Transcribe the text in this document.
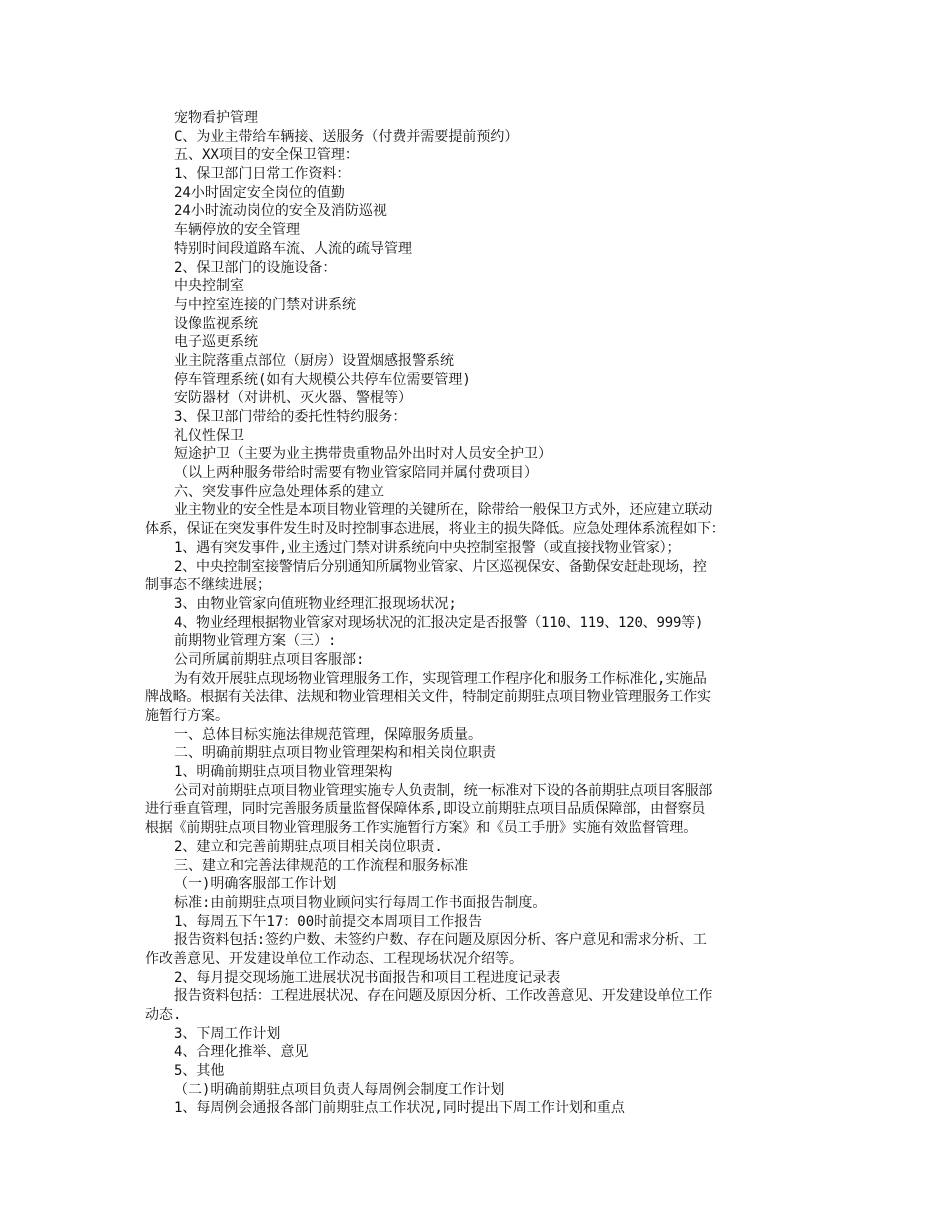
宠物看护管理
C、为业主带给车辆接、送服务（付费并需要提前预约）
五、XX项目的安全保卫管理：
1、保卫部门日常工作资料：
24小时固定安全岗位的值勤
24小时流动岗位的安全及消防巡视
车辆停放的安全管理
特别时间段道路车流、人流的疏导管理
2、保卫部门的设施设备：
中央控制室
与中控室连接的门禁对讲系统
设像监视系统
电子巡更系统
业主院落重点部位（厨房）设置烟感报警系统
停车管理系统(如有大规模公共停车位需要管理)
安防器材（对讲机、灭火器、警棍等）
3、保卫部门带给的委托性特约服务：
礼仪性保卫
短途护卫（主要为业主携带贵重物品外出时对人员安全护卫）
（以上两种服务带给时需要有物业管家陪同并属付费项目）
六、突发事件应急处理体系的建立
业主物业的安全性是本项目物业管理的关键所在，除带给一般保卫方式外，还应建立联动
体系，保证在突发事件发生时及时控制事态进展，将业主的损失降低。应急处理体系流程如下：
1、遇有突发事件,业主透过门禁对讲系统向中央控制室报警（或直接找物业管家）；
2、中央控制室接警情后分别通知所属物业管家、片区巡视保安、备勤保安赶赴现场，控
制事态不继续进展；
3、由物业管家向值班物业经理汇报现场状况;
4、物业经理根据物业管家对现场状况的汇报决定是否报警（110、119、120、999等)
前期物业管理方案（三）:
公司所属前期驻点项目客服部:
为有效开展驻点现场物业管理服务工作，实现管理工作程序化和服务工作标准化,实施品
牌战略。根据有关法律、法规和物业管理相关文件，特制定前期驻点项目物业管理服务工作实
施暂行方案。
一、总体目标实施法律规范管理，保障服务质量。
二、明确前期驻点项目物业管理架构和相关岗位职责
1、明确前期驻点项目物业管理架构
公司对前期驻点项目物业管理实施专人负责制，统一标准对下设的各前期驻点项目客服部
进行垂直管理，同时完善服务质量监督保障体系,即设立前期驻点项目品质保障部，由督察员
根据《前期驻点项目物业管理服务工作实施暂行方案》和《员工手册》实施有效监督管理。
2、建立和完善前期驻点项目相关岗位职责.
三、建立和完善法律规范的工作流程和服务标准
（一)明确客服部工作计划
标准:由前期驻点项目物业顾问实行每周工作书面报告制度。
1、每周五下午17：00时前提交本周项目工作报告
报告资料包括:签约户数、未签约户数、存在问题及原因分析、客户意见和需求分析、工
作改善意见、开发建设单位工作动态、工程现场状况介绍等。
2、每月提交现场施工进展状况书面报告和项目工程进度记录表
报告资料包括：工程进展状况、存在问题及原因分析、工作改善意见、开发建设单位工作
动态.
3、下周工作计划
4、合理化推举、意见
5、其他
（二)明确前期驻点项目负责人每周例会制度工作计划
1、每周例会通报各部门前期驻点工作状况,同时提出下周工作计划和重点
